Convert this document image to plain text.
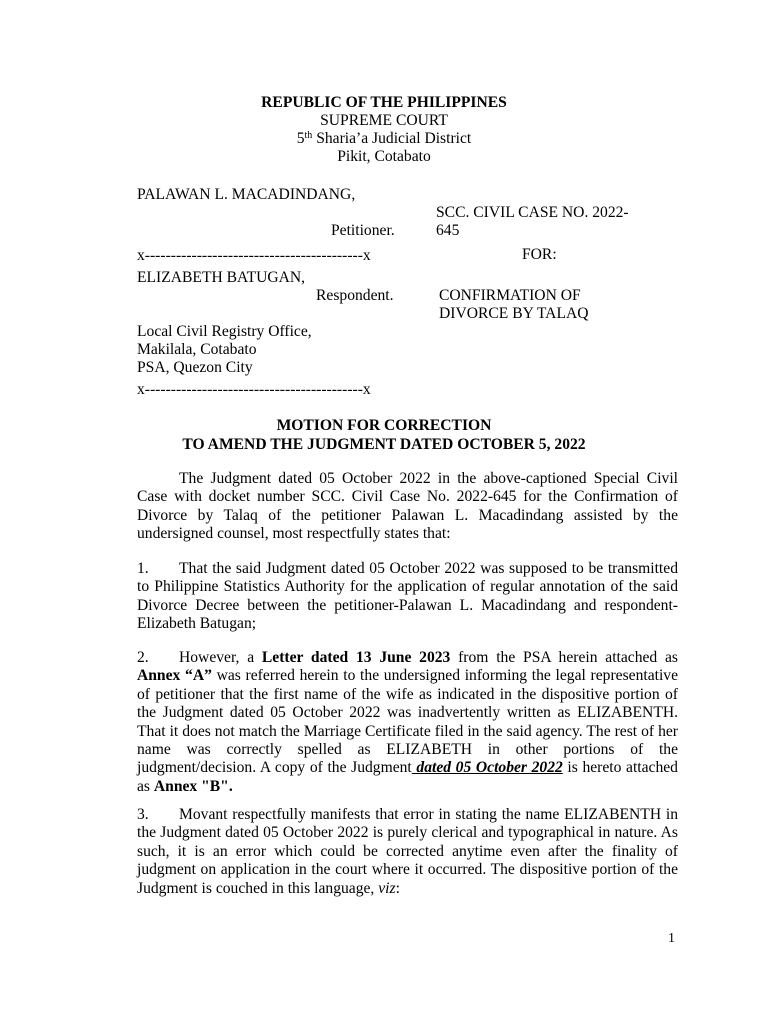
REPUBLIC OF THE PHILIPPINES
SUPREME COURT
5th Sharia’a Judicial District
Pikit, Cotabato
PALAWAN L. MACADINDANG,
Petitioner.
x------------------------------------------x
ELIZABETH BATUGAN,
Respondent.
Local Civil Registry Office,
Makilala, Cotabato
PSA, Quezon City
x------------------------------------------x
SCC. CIVIL CASE NO. 2022-
645
FOR:
CONFIRMATION OF
DIVORCE BY TALAQ
MOTION FOR CORRECTION
TO AMEND THE JUDGMENT DATED OCTOBER 5, 2022
The Judgment dated 05 October 2022 in the above-captioned Special Civil Case with docket number SCC. Civil Case No. 2022-645 for the Confirmation of Divorce by Talaq of the petitioner Palawan L. Macadindang assisted by the undersigned counsel, most respectfully states that:
1. That the said Judgment dated 05 October 2022 was supposed to be transmitted to Philippine Statistics Authority for the application of regular annotation of the said Divorce Decree between the petitioner-Palawan L. Macadindang and respondent- Elizabeth Batugan;
2. However, a Letter dated 13 June 2023 from the PSA herein attached as Annex “A” was referred herein to the undersigned informing the legal representative of petitioner that the first name of the wife as indicated in the dispositive portion of the Judgment dated 05 October 2022 was inadvertently written as ELIZABENTH. That it does not match the Marriage Certificate filed in the said agency. The rest of her name was correctly spelled as ELIZABETH in other portions of the judgment/decision. A copy of the Judgment dated 05 October 2022 is hereto attached as Annex "B".
3. Movant respectfully manifests that error in stating the name ELIZABENTH in the Judgment dated 05 October 2022 is purely clerical and typographical in nature. As such, it is an error which could be corrected anytime even after the finality of judgment on application in the court where it occurred. The dispositive portion of the Judgment is couched in this language, viz:
1
